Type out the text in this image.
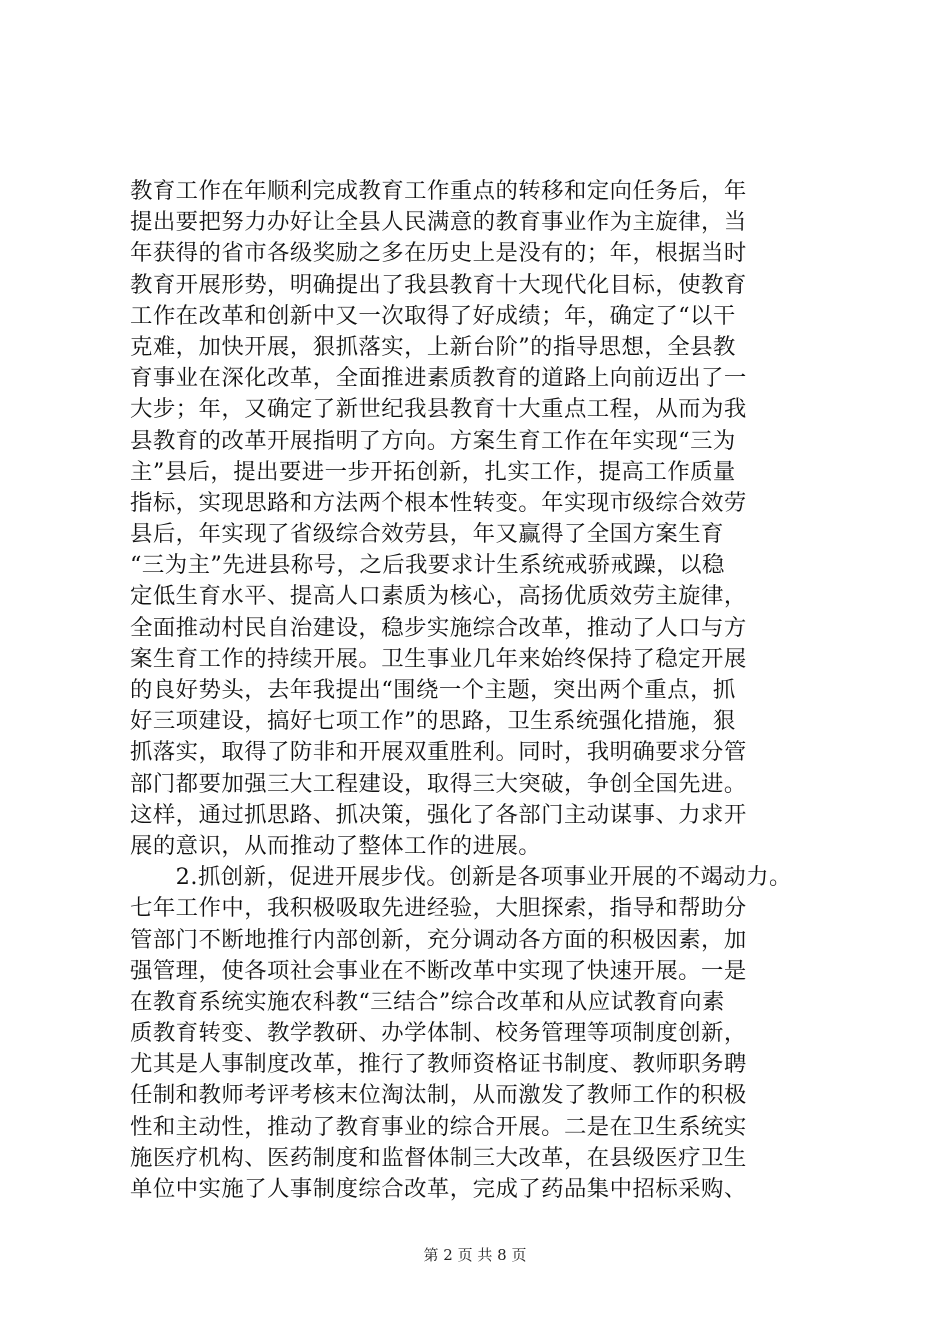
教育工作在年顺利完成教育工作重点的转移和定向任务后，年
提出要把努力办好让全县人民满意的教育事业作为主旋律，当
年获得的省市各级奖励之多在历史上是没有的；年，根据当时
教育开展形势，明确提出了我县教育十大现代化目标，使教育
工作在改革和创新中又一次取得了好成绩；年，确定了“以干
克难，加快开展，狠抓落实，上新台阶”的指导思想，全县教
育事业在深化改革，全面推进素质教育的道路上向前迈出了一
大步；年，又确定了新世纪我县教育十大重点工程，从而为我
县教育的改革开展指明了方向。方案生育工作在年实现“三为
主”县后，提出要进一步开拓创新，扎实工作，提高工作质量
指标，实现思路和方法两个根本性转变。年实现市级综合效劳
县后，年实现了省级综合效劳县，年又赢得了全国方案生育
“三为主”先进县称号，之后我要求计生系统戒骄戒躁，以稳
定低生育水平、提高人口素质为核心，高扬优质效劳主旋律，
全面推动村民自治建设，稳步实施综合改革，推动了人口与方
案生育工作的持续开展。卫生事业几年来始终保持了稳定开展
的良好势头，去年我提出“围绕一个主题，突出两个重点，抓
好三项建设，搞好七项工作”的思路，卫生系统强化措施，狠
抓落实，取得了防非和开展双重胜利。同时，我明确要求分管
部门都要加强三大工程建设，取得三大突破，争创全国先进。
这样，通过抓思路、抓决策，强化了各部门主动谋事、力求开
展的意识，从而推动了整体工作的进展。
　　2.抓创新，促进开展步伐。创新是各项事业开展的不竭动力。
七年工作中，我积极吸取先进经验，大胆探索，指导和帮助分
管部门不断地推行内部创新，充分调动各方面的积极因素，加
强管理，使各项社会事业在不断改革中实现了快速开展。一是
在教育系统实施农科教“三结合”综合改革和从应试教育向素
质教育转变、教学教研、办学体制、校务管理等项制度创新，
尤其是人事制度改革，推行了教师资格证书制度、教师职务聘
任制和教师考评考核末位淘汰制，从而激发了教师工作的积极
性和主动性，推动了教育事业的综合开展。二是在卫生系统实
施医疗机构、医药制度和监督体制三大改革，在县级医疗卫生
单位中实施了人事制度综合改革，完成了药品集中招标采购、
第 2 页 共 8 页
